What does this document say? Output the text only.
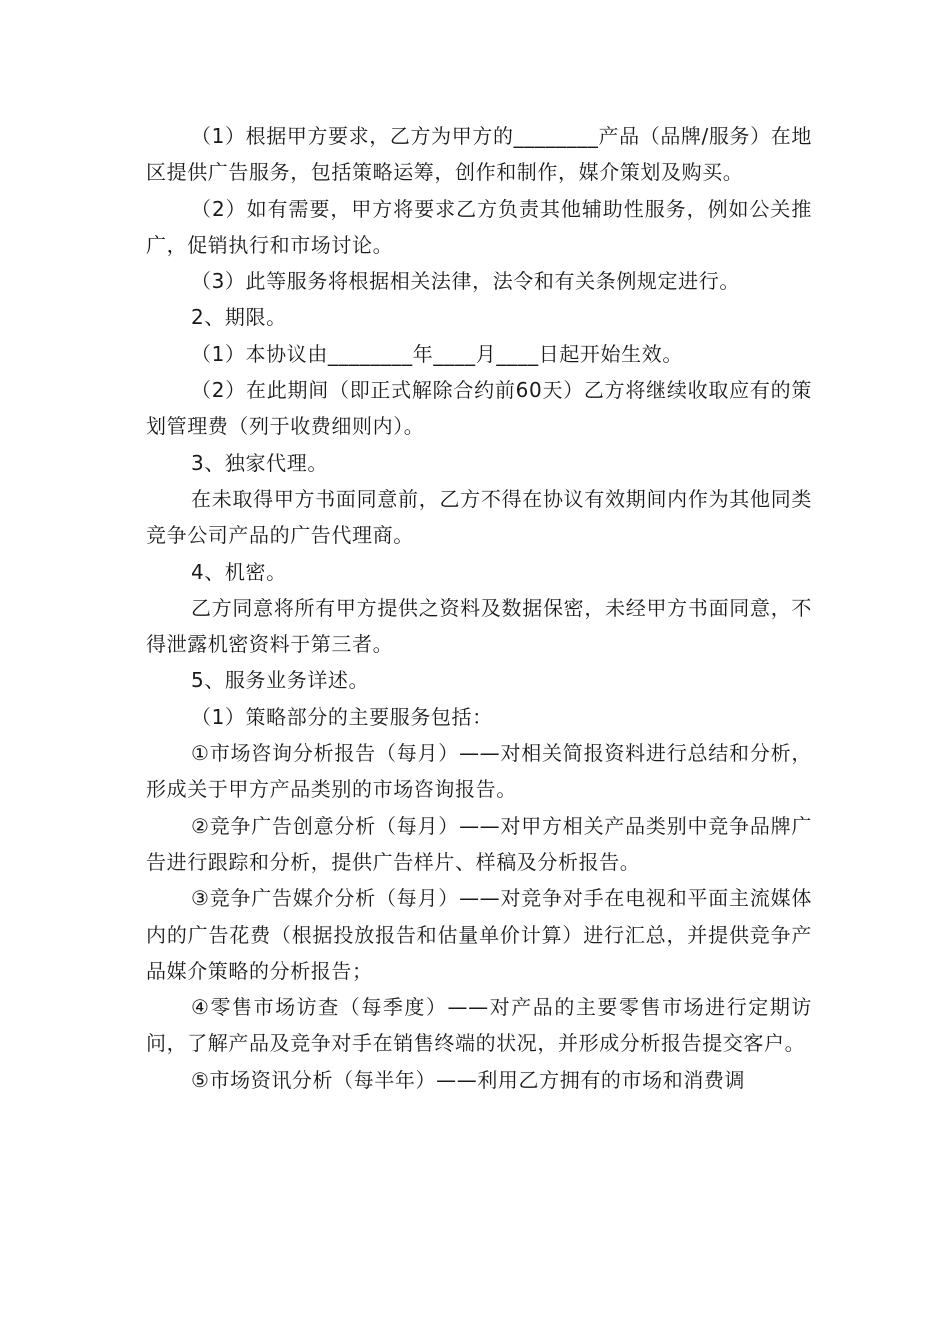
（1）根据甲方要求，乙方为甲方的________产品（品牌/服务）在地区提供广告服务，包括策略运筹，创作和制作，媒介策划及购买。

（2）如有需要，甲方将要求乙方负责其他辅助性服务，例如公关推广，促销执行和市场讨论。

（3）此等服务将根据相关法律，法令和有关条例规定进行。

2、期限。

（1）本协议由________年____月____日起开始生效。

（2）在此期间（即正式解除合约前60天）乙方将继续收取应有的策划管理费（列于收费细则内）。

3、独家代理。

在未取得甲方书面同意前，乙方不得在协议有效期间内作为其他同类竞争公司产品的广告代理商。

4、机密。

乙方同意将所有甲方提供之资料及数据保密，未经甲方书面同意，不得泄露机密资料于第三者。

5、服务业务详述。

（1）策略部分的主要服务包括：

①市场咨询分析报告（每月）——对相关简报资料进行总结和分析，形成关于甲方产品类别的市场咨询报告。

②竞争广告创意分析（每月）——对甲方相关产品类别中竞争品牌广告进行跟踪和分析，提供广告样片、样稿及分析报告。

③竞争广告媒介分析（每月）——对竞争对手在电视和平面主流媒体内的广告花费（根据投放报告和估量单价计算）进行汇总，并提供竞争产品媒介策略的分析报告；

④零售市场访查（每季度）——对产品的主要零售市场进行定期访问，了解产品及竞争对手在销售终端的状况，并形成分析报告提交客户。

⑤市场资讯分析（每半年）——利用乙方拥有的市场和消费调
